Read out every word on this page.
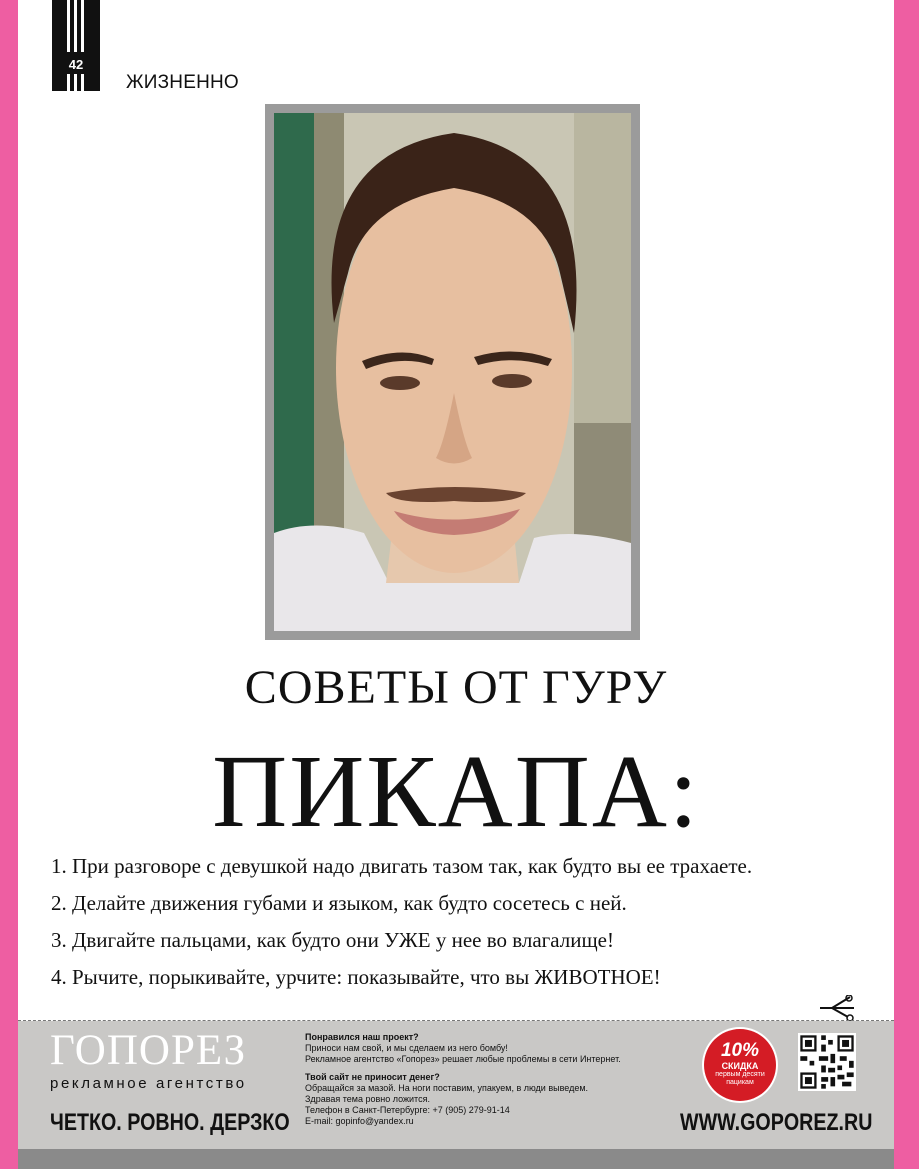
42
ЖИЗНЕННО
СОВЕТЫ ОТ ГУРУ
ПИКАПА:
1. При разговоре с девушкой надо двигать тазом так, как будто вы ее трахаете.
2. Делайте движения губами и языком, как будто сосетесь с ней.
3. Двигайте пальцами, как будто они УЖЕ у нее во влагалище!
4. Рычите, порыкивайте, урчите: показывайте, что вы ЖИВОТНОЕ!
ГОПОРЕЗ
рекламное агентство
ЧЕТКО. РОВНО. ДЕРЗКО
Понравился наш проект?
Приноси нам свой, и мы сделаем из него бомбу!
Рекламное агентство «Гопорез» решает любые проблемы в сети Интернет.
Твой сайт не приносит денег?
Обращайся за мазой. На ноги поставим, упакуем, в люди выведем.
Здравая тема ровно ложится.
Телефон в Санкт-Петербурге: +7 (905) 279-91-14
E-mail: gopinfo@yandex.ru
10%
СКИДКА
первым десяти пацикам
WWW.GOPOREZ.RU
